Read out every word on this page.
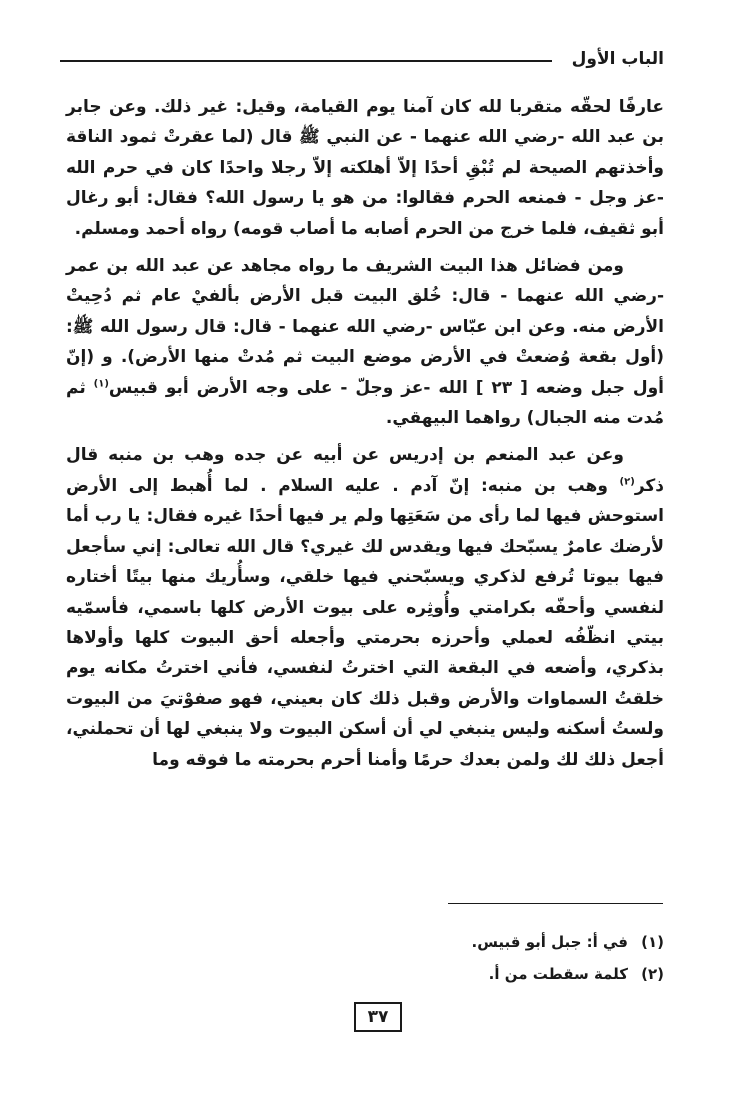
الباب الأول

عارفًا لحقّه متقربا لله كان آمنا يوم القيامة، وقيل: غير ذلك. وعن جابر بن عبد الله -رضي الله عنهما - عن النبي ﷺ قال (لما عقرتْ ثمود الناقة وأخذتهم الصيحة لم تُبْقِ أحدًا إلاّ أهلكته إلاّ رجلا واحدًا كان في حرم الله -عز وجل - فمنعه الحرم فقالوا: من هو يا رسول الله؟ فقال: أبو رغال أبو ثقيف، فلما خرج من الحرم أصابه ما أصاب قومه) رواه أحمد ومسلم.

ومن فضائل هذا البيت الشريف ما رواه مجاهد عن عبد الله بن عمر -رضي الله عنهما - قال: خُلق البيت قبل الأرض بألفيْ عام ثم دُحِيتْ الأرض منه. وعن ابن عبّاس -رضي الله عنهما - قال: قال رسول الله ﷺ: (أول بقعة وُضعتْ في الأرض موضع البيت ثم مُدتْ منها الأرض). و (إنّ أول جبل وضعه [ ٢٣ ] الله -عز وجلّ - على وجه الأرض أبو قبيس$^{(١)}$ ثم مُدت منه الجبال) رواهما البيهقي.

وعن عبد المنعم بن إدريس عن أبيه عن جده وهب بن منبه قال ذكر$^{(٢)}$ وهب بن منبه: إنّ آدم . عليه السلام . لما أُهبط إلى الأرض استوحش فيها لما رأى من سَعَتِها ولم ير فيها أحدًا غيره فقال: يا رب أما لأرضك عامرٌ يسبّحك فيها ويقدس لك غيري؟ قال الله تعالى: إني سأجعل فيها بيوتا تُرفع لذكري ويسبّحني فيها خلقي، وسأُريك منها بيتًا أختاره لنفسي وأحفّه بكرامتي وأُوثِره على بيوت الأرض كلها باسمي، فأسمّيه بيتي انظّفُه لعملي وأحرزه بحرمتي وأجعله أحق البيوت كلها وأولاها بذكري، وأضعه في البقعة التي اخترتُ لنفسي، فأني اخترتُ مكانه يوم خلقتُ السماوات والأرض وقبل ذلك كان بعيني، فهو صفوْتيَ من البيوت ولستُ أسكنه وليس ينبغي لي أن أسكن البيوت ولا ينبغي لها أن تحملني، أجعل ذلك لك ولمن بعدك حرمًا وأمنا أحرم بحرمته ما فوقه وما

(١)في أ: جبل أبو قبيس.
(٢)كلمة سقطت من أ.
٣٧
